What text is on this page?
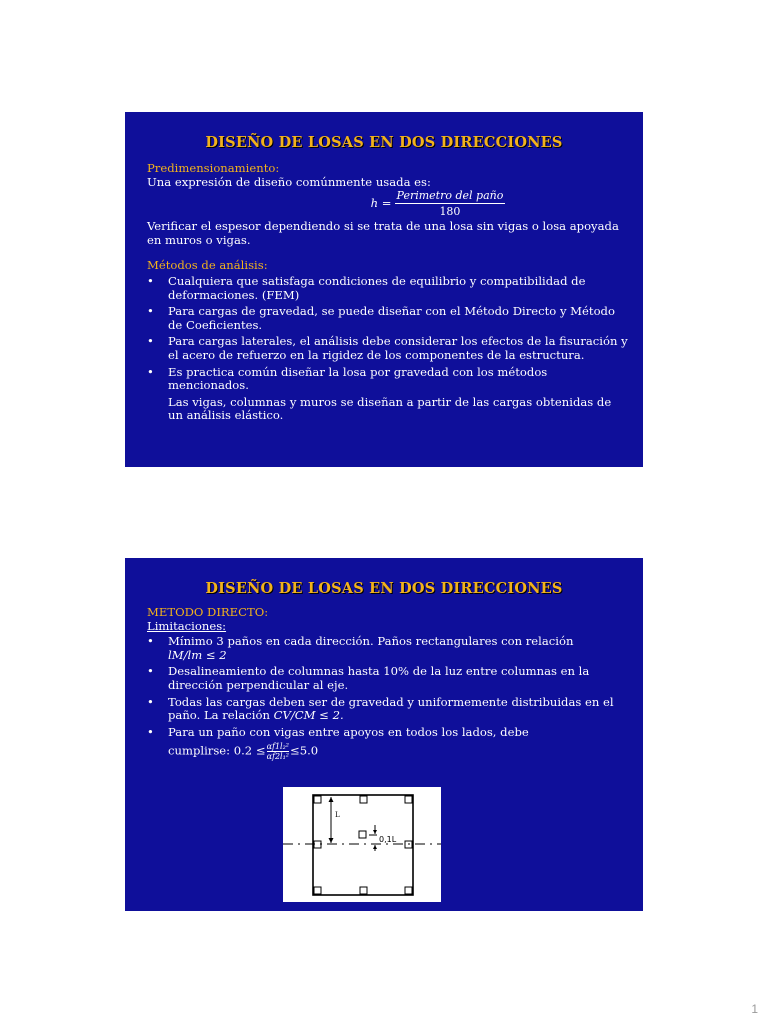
DISEÑO DE LOSAS EN DOS DIRECCIONES

Predimensionamiento:

Una expresión de diseño comúnmente usada es:

$h = \frac{\text{Perimetro del paño}}{180}$

Verificar el espesor dependiendo si se trata de una losa sin vigas o losa apoyada en muros o vigas.

Métodos de análisis:

• Cualquiera que satisfaga condiciones de equilibrio y compatibilidad de deformaciones. (FEM)
• Para cargas de gravedad, se puede diseñar con el Método Directo y Método de Coeficientes.
• Para cargas laterales, el análisis debe considerar los efectos de la fisuración y el acero de refuerzo en la rigidez de los componentes de la estructura.
• Es practica común diseñar la losa por gravedad con los métodos mencionados.
Las vigas, columnas y muros se diseñan a partir de las cargas obtenidas de un análisis elástico.
DISEÑO DE LOSAS EN DOS DIRECCIONES

METODO DIRECTO:

Limitaciones:

• Mínimo 3 paños en cada dirección. Paños rectangulares con relación
lM/lm ≤ 2
• Desalineamiento de columnas hasta 10% de la luz entre columnas en la dirección perpendicular al eje.
• Todas las cargas deben ser de gravedad y uniformemente distribuidas en el paño. La relación CV/CM ≤ 2.
• Para un paño con vigas entre apoyos en todos los lados, debe
cumplirse: $0.2 \le \frac{\text{αf1l₂²}}{\text{αf2l₁²}} \le 5.0$
L
0,1L
1
